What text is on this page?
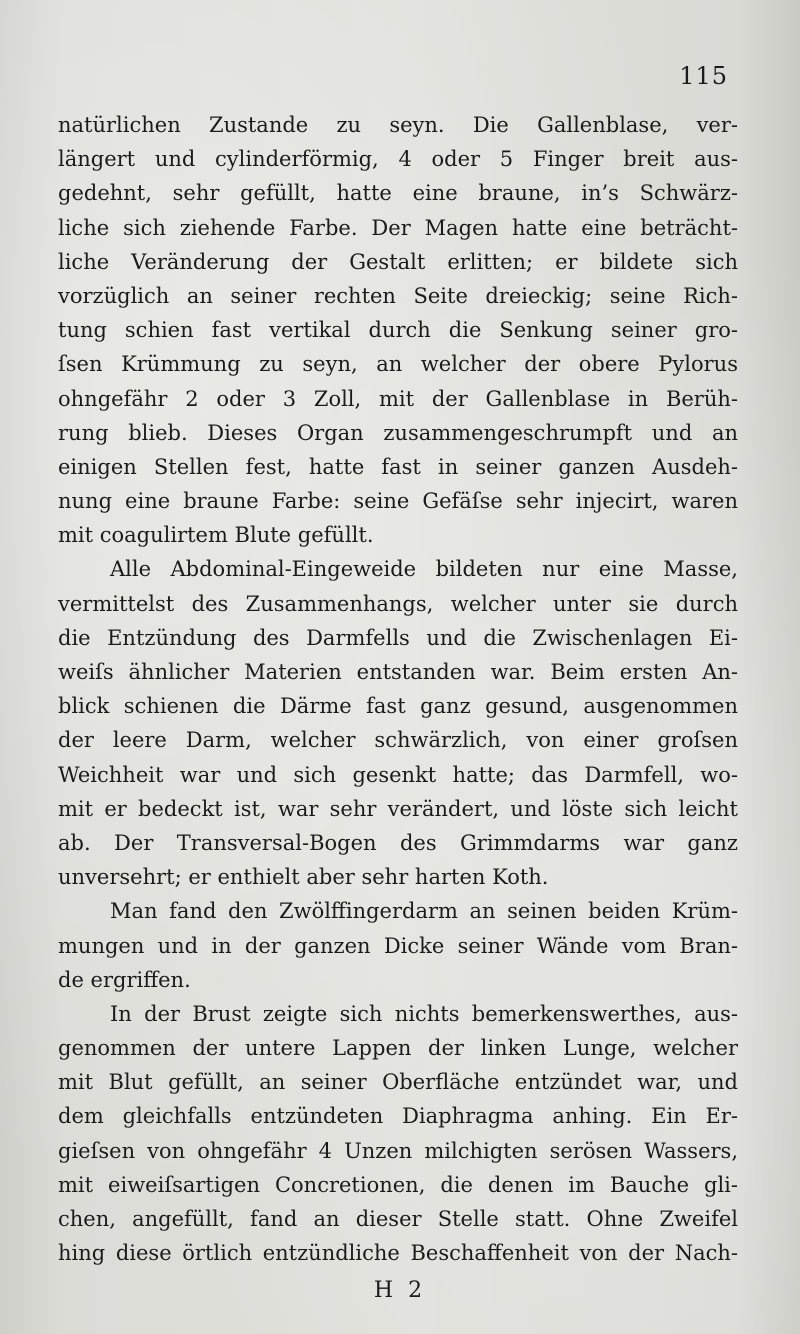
115
natürlichen Zustande zu seyn. Die Gallenblase, ver-
längert und cylinderförmig, 4 oder 5 Finger breit aus-
gedehnt, sehr gefüllt, hatte eine braune, in’s Schwärz-
liche sich ziehende Farbe. Der Magen hatte eine beträcht-
liche Veränderung der Gestalt erlitten; er bildete sich
vorzüglich an seiner rechten Seite dreieckig; seine Rich-
tung schien fast vertikal durch die Senkung seiner gro-
ſsen Krümmung zu seyn, an welcher der obere Pylorus
ohngefähr 2 oder 3 Zoll, mit der Gallenblase in Berüh-
rung blieb. Dieses Organ zusammengeschrumpft und an
einigen Stellen fest, hatte fast in seiner ganzen Ausdeh-
nung eine braune Farbe: seine Gefäſse sehr injecirt, waren
mit coagulirtem Blute gefüllt.
Alle Abdominal-Eingeweide bildeten nur eine Masse,
vermittelst des Zusammenhangs, welcher unter sie durch
die Entzündung des Darmfells und die Zwischenlagen Ei-
weiſs ähnlicher Materien entstanden war. Beim ersten An-
blick schienen die Därme fast ganz gesund, ausgenommen
der leere Darm, welcher schwärzlich, von einer groſsen
Weichheit war und sich gesenkt hatte; das Darmfell, wo-
mit er bedeckt ist, war sehr verändert, und löste sich leicht
ab. Der Transversal-Bogen des Grimmdarms war ganz
unversehrt; er enthielt aber sehr harten Koth.
Man fand den Zwölffingerdarm an seinen beiden Krüm-
mungen und in der ganzen Dicke seiner Wände vom Bran-
de ergriffen.
In der Brust zeigte sich nichts bemerkenswerthes, aus-
genommen der untere Lappen der linken Lunge, welcher
mit Blut gefüllt, an seiner Oberfläche entzündet war, und
dem gleichfalls entzündeten Diaphragma anhing. Ein Er-
gieſsen von ohngefähr 4 Unzen milchigten serösen Wassers,
mit eiweiſsartigen Concretionen, die denen im Bauche gli-
chen, angefüllt, fand an dieser Stelle statt. Ohne Zweifel
hing diese örtlich entzündliche Beschaffenheit von der Nach-
H 2
